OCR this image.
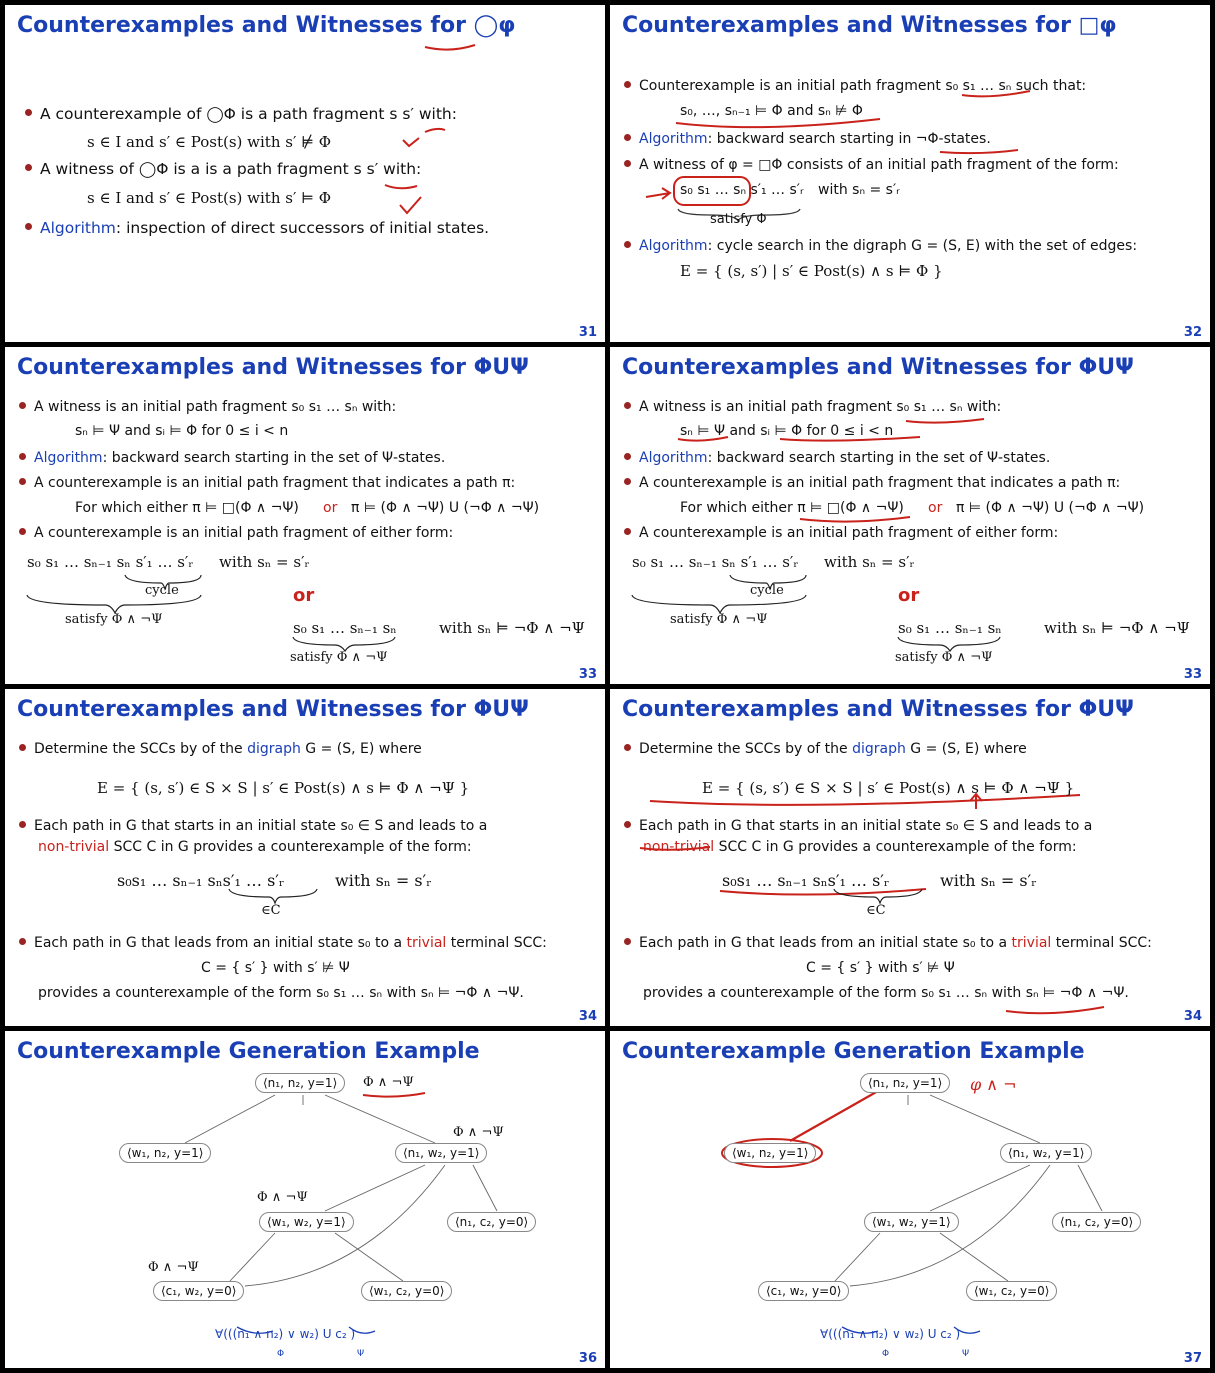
Counterexamples and Witnesses for ◯φ
A counterexample of ◯Φ is a path fragment s s′ with:
s ∈ I and s′ ∈ Post(s) with s′ ⊭ Φ
A witness of ◯Φ is a is a path fragment s s′ with:
s ∈ I and s′ ∈ Post(s) with s′ ⊨ Φ
Algorithm: inspection of direct successors of initial states.
31
Counterexamples and Witnesses for □φ
Counterexample is an initial path fragment s₀ s₁ … sₙ such that:
s₀, …, sₙ₋₁ ⊨ Φ and sₙ ⊭ Φ
Algorithm: backward search starting in ¬Φ-states.
A witness of φ = □Φ consists of an initial path fragment of the form:
s₀ s₁ … sₙ s′₁ … s′ᵣ with sₙ = s′ᵣ
satisfy Φ
Algorithm: cycle search in the digraph G = (S, E) with the set of edges:
E = { (s, s′) | s′ ∈ Post(s) ∧ s ⊨ Φ }
32
Counterexamples and Witnesses for ΦUΨ
A witness is an initial path fragment s₀ s₁ … sₙ with:
sₙ ⊨ Ψ and sᵢ ⊨ Φ for 0 ≤ i < n
Algorithm: backward search starting in the set of Ψ-states.
A counterexample is an initial path fragment that indicates a path π:
For which either π ⊨ □(Φ ∧ ¬Ψ) or π ⊨ (Φ ∧ ¬Ψ) U (¬Φ ∧ ¬Ψ)
A counterexample is an initial path fragment of either form:
s₀ s₁ … sₙ₋₁ sₙ s′₁ … s′ᵣ with sₙ = s′ᵣ
cycle
satisfy Φ ∧ ¬Ψ
or
s₀ s₁ … sₙ₋₁ sₙ	with sₙ ⊨ ¬Φ ∧ ¬Ψ
satisfy Φ ∧ ¬Ψ
33
Counterexamples and Witnesses for ΦUΨ
A witness is an initial path fragment s₀ s₁ … sₙ with:
sₙ ⊨ Ψ and sᵢ ⊨ Φ for 0 ≤ i < n
Algorithm: backward search starting in the set of Ψ-states.
A counterexample is an initial path fragment that indicates a path π:
For which either π ⊨ □(Φ ∧ ¬Ψ) or π ⊨ (Φ ∧ ¬Ψ) U (¬Φ ∧ ¬Ψ)
A counterexample is an initial path fragment of either form:
s₀ s₁ … sₙ₋₁ sₙ s′₁ … s′ᵣ with sₙ = s′ᵣ
cycle
satisfy Φ ∧ ¬Ψ
or
s₀ s₁ … sₙ₋₁ sₙ	with sₙ ⊨ ¬Φ ∧ ¬Ψ
satisfy Φ ∧ ¬Ψ
33
Counterexamples and Witnesses for ΦUΨ
Determine the SCCs by of the digraph G = (S, E) where
E = { (s, s′) ∈ S × S | s′ ∈ Post(s) ∧ s ⊨ Φ ∧ ¬Ψ }
Each path in G that starts in an initial state s₀ ∈ S and leads to a
non-trivial SCC C in G provides a counterexample of the form:
s₀s₁ … sₙ₋₁ sₙs′₁ … s′ᵣ	with sₙ = s′ᵣ
∈C
Each path in G that leads from an initial state s₀ to a trivial terminal SCC:
C = { s′ } with s′ ⊭ Ψ
provides a counterexample of the form s₀ s₁ … sₙ with sₙ ⊨ ¬Φ ∧ ¬Ψ.
34
Counterexamples and Witnesses for ΦUΨ
Determine the SCCs by of the digraph G = (S, E) where
E = { (s, s′) ∈ S × S | s′ ∈ Post(s) ∧ s ⊨ Φ ∧ ¬Ψ }
Each path in G that starts in an initial state s₀ ∈ S and leads to a
non-trivial SCC C in G provides a counterexample of the form:
s₀s₁ … sₙ₋₁ sₙs′₁ … s′ᵣ	with sₙ = s′ᵣ
∈C
Each path in G that leads from an initial state s₀ to a trivial terminal SCC:
C = { s′ } with s′ ⊭ Ψ
provides a counterexample of the form s₀ s₁ … sₙ with sₙ ⊨ ¬Φ ∧ ¬Ψ.
34
Counterexample Generation Example
⟨n₁, n₂, y=1⟩
⟨w₁, n₂, y=1⟩	⟨n₁, w₂, y=1⟩
⟨w₁, w₂, y=1⟩	⟨n₁, c₂, y=0⟩
⟨c₁, w₂, y=0⟩	⟨w₁, c₂, y=0⟩
Φ ∧ ¬Ψ
Φ ∧ ¬Ψ
Φ ∧ ¬Ψ
Φ ∧ ¬Ψ
∀(((n₁ ∧ n₂) ∨ w₂) U c₂ )
Φ	Ψ	36
Counterexample Generation Example
⟨n₁, n₂, y=1⟩
⟨w₁, n₂, y=1⟩	⟨n₁, w₂, y=1⟩
⟨w₁, w₂, y=1⟩	⟨n₁, c₂, y=0⟩
⟨c₁, w₂, y=0⟩	⟨w₁, c₂, y=0⟩
φ ∧ ¬
∀(((n₁ ∧ n₂) ∨ w₂) U c₂ )
Φ	Ψ	37
